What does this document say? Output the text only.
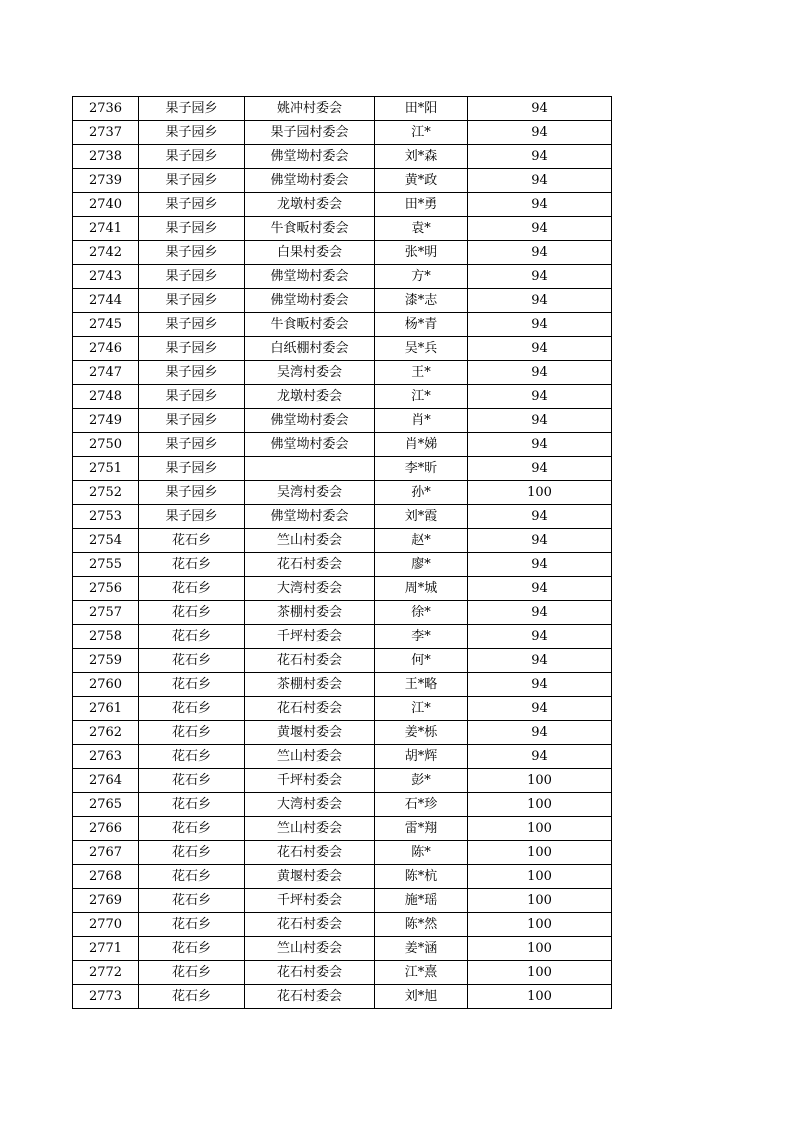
2736	果子园乡	姚冲村委会	田*阳	94
2737	果子园乡	果子园村委会	江*	94
2738	果子园乡	佛堂坳村委会	刘*森	94
2739	果子园乡	佛堂坳村委会	黄*政	94
2740	果子园乡	龙墩村委会	田*勇	94
2741	果子园乡	牛食畈村委会	袁*	94
2742	果子园乡	白果村委会	张*明	94
2743	果子园乡	佛堂坳村委会	方*	94
2744	果子园乡	佛堂坳村委会	漆*志	94
2745	果子园乡	牛食畈村委会	杨*青	94
2746	果子园乡	白纸棚村委会	吴*兵	94
2747	果子园乡	吴湾村委会	王*	94
2748	果子园乡	龙墩村委会	江*	94
2749	果子园乡	佛堂坳村委会	肖*	94
2750	果子园乡	佛堂坳村委会	肖*娣	94
2751	果子园乡		李*昕	94
2752	果子园乡	吴湾村委会	孙*	100
2753	果子园乡	佛堂坳村委会	刘*霞	94
2754	花石乡	竺山村委会	赵*	94
2755	花石乡	花石村委会	廖*	94
2756	花石乡	大湾村委会	周*城	94
2757	花石乡	茶棚村委会	徐*	94
2758	花石乡	千坪村委会	李*	94
2759	花石乡	花石村委会	何*	94
2760	花石乡	茶棚村委会	王*略	94
2761	花石乡	花石村委会	江*	94
2762	花石乡	黄堰村委会	姜*栎	94
2763	花石乡	竺山村委会	胡*辉	94
2764	花石乡	千坪村委会	彭*	100
2765	花石乡	大湾村委会	石*珍	100
2766	花石乡	竺山村委会	雷*翔	100
2767	花石乡	花石村委会	陈*	100
2768	花石乡	黄堰村委会	陈*杭	100
2769	花石乡	千坪村委会	施*瑶	100
2770	花石乡	花石村委会	陈*然	100
2771	花石乡	竺山村委会	姜*涵	100
2772	花石乡	花石村委会	江*熹	100
2773	花石乡	花石村委会	刘*旭	100
